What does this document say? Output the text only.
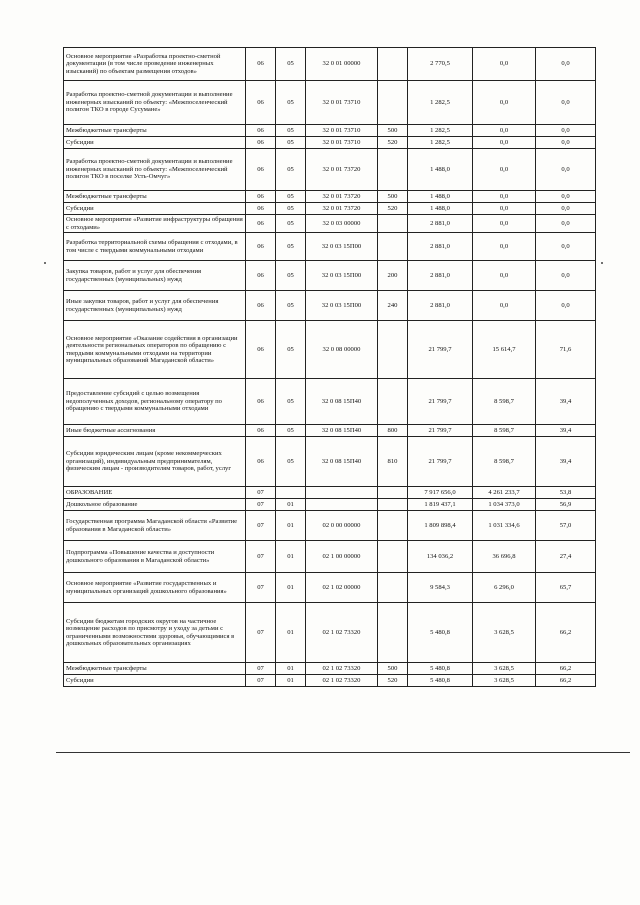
Основное мероприятие «Разработка проектно-сметной документации (в том числе проведение инженерных изысканий) по объектам размещения отходов»	06	05	32 0 01 00000		2 770,5	0,0	0,0
Разработка проектно-сметной документации и выполнение инженерных изысканий по объекту: «Межпоселенческий полигон ТКО в городе Сусумане»	06	05	32 0 01 73710		1 282,5	0,0	0,0
Межбюджетные трансферты	06	05	32 0 01 73710	500	1 282,5	0,0	0,0
Субсидии	06	05	32 0 01 73710	520	1 282,5	0,0	0,0
Разработка проектно-сметной документации и выполнение инженерных изысканий по объекту: «Межпоселенческий полигон ТКО в поселке Усть-Омчуг»	06	05	32 0 01 73720		1 488,0	0,0	0,0
Межбюджетные трансферты	06	05	32 0 01 73720	500	1 488,0	0,0	0,0
Субсидии	06	05	32 0 01 73720	520	1 488,0	0,0	0,0
Основное мероприятие «Развитие инфраструктуры обращения с отходами»	06	05	32 0 03 00000		2 881,0	0,0	0,0
Разработка территориальной схемы обращения с отходами, в том числе с твердыми коммунальными отходами	06	05	32 0 03 15П00		2 881,0	0,0	0,0
Закупка товаров, работ и услуг для обеспечения государственных (муниципальных) нужд	06	05	32 0 03 15П00	200	2 881,0	0,0	0,0
Иные закупки товаров, работ и услуг для обеспечения государственных (муниципальных) нужд	06	05	32 0 03 15П00	240	2 881,0	0,0	0,0
Основное мероприятие «Оказание содействия в организации деятельности региональных операторов по обращению с твердыми коммунальными отходами на территории муниципальных образований Магаданской области»	06	05	32 0 08 00000		21 799,7	15 614,7	71,6
Предоставление субсидий с целью возмещения недополученных доходов, региональному оператору по обращению с твердыми коммунальными отходами	06	05	32 0 08 15П40		21 799,7	8 598,7	39,4
Иные бюджетные ассигнования	06	05	32 0 08 15П40	800	21 799,7	8 598,7	39,4
Субсидии юридическим лицам (кроме некоммерческих организаций), индивидуальным предпринимателям, физическим лицам - производителям товаров, работ, услуг	06	05	32 0 08 15П40	810	21 799,7	8 598,7	39,4
ОБРАЗОВАНИЕ	07				7 917 656,0	4 261 233,7	53,8
Дошкольное образование	07	01			1 819 437,1	1 034 373,0	56,9
Государственная программа Магаданской области «Развитие образования в Магаданской области»	07	01	02 0 00 00000		1 809 898,4	1 031 334,6	57,0
Подпрограмма «Повышение качества и доступности дошкольного образования в Магаданской области»	07	01	02 1 00 00000		134 036,2	36 696,8	27,4
Основное мероприятие «Развитие государственных и муниципальных организаций дошкольного образования»	07	01	02 1 02 00000		9 584,3	6 296,0	65,7
Субсидии бюджетам городских округов на частичное возмещение расходов по присмотру и уходу за детьми с ограниченными возможностями здоровья, обучающимися в дошкольных образовательных организациях	07	01	02 1 02 73320		5 480,8	3 628,5	66,2
Межбюджетные трансферты	07	01	02 1 02 73320	500	5 480,8	3 628,5	66,2
Субсидии	07	01	02 1 02 73320	520	5 480,8	3 628,5	66,2
